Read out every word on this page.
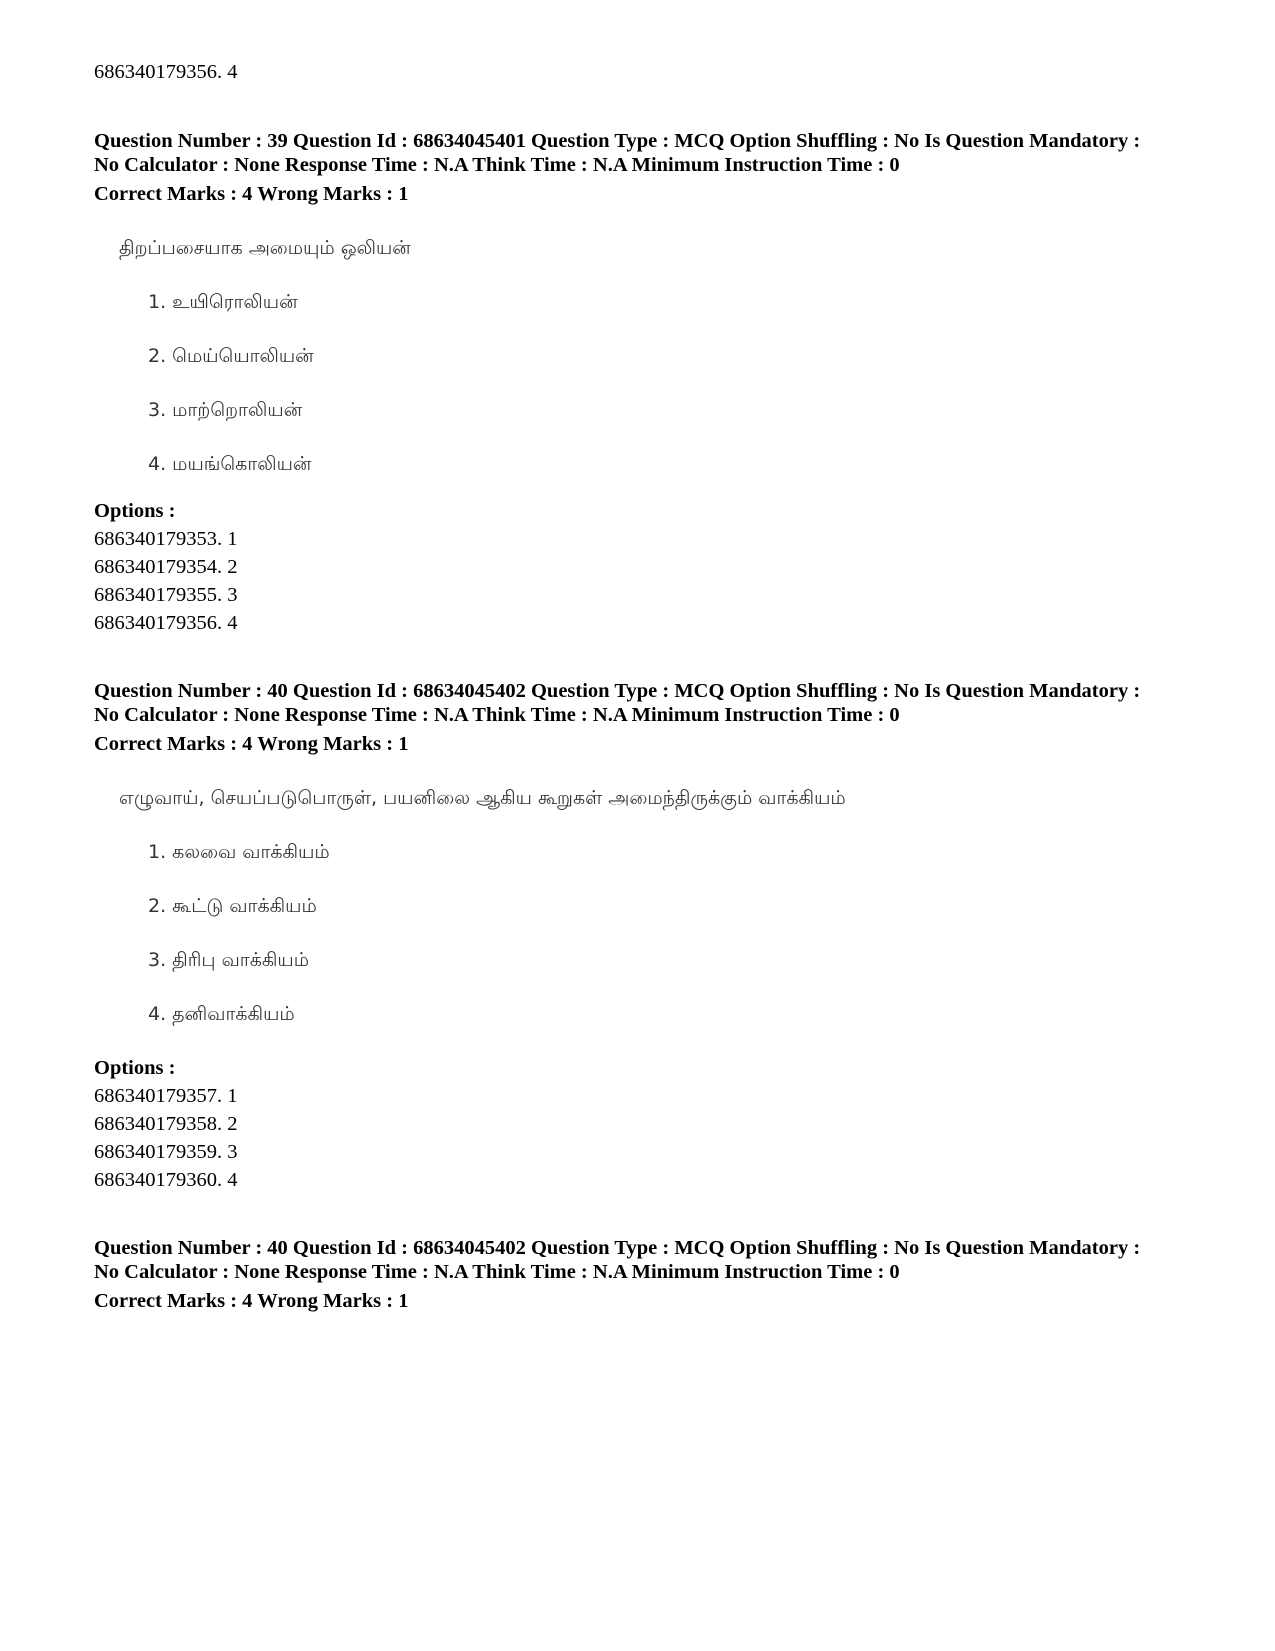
686340179356. 4
Question Number : 39 Question Id : 68634045401 Question Type : MCQ Option Shuffling : No Is Question Mandatory :
No Calculator : None Response Time : N.A Think Time : N.A Minimum Instruction Time : 0
Correct Marks : 4 Wrong Marks : 1
திறப்பசையாக அமையும் ஒலியன்
1. உயிரொலியன்
2. மெய்யொலியன்
3. மாற்றொலியன்
4. மயங்கொலியன்
Options :
686340179353. 1
686340179354. 2
686340179355. 3
686340179356. 4
Question Number : 40 Question Id : 68634045402 Question Type : MCQ Option Shuffling : No Is Question Mandatory :
No Calculator : None Response Time : N.A Think Time : N.A Minimum Instruction Time : 0
Correct Marks : 4 Wrong Marks : 1
எழுவாய், செயப்படுபொருள், பயனிலை ஆகிய கூறுகள் அமைந்திருக்கும் வாக்கியம்
1. கலவை வாக்கியம்
2. கூட்டு வாக்கியம்
3. திரிபு வாக்கியம்
4. தனிவாக்கியம்
Options :
686340179357. 1
686340179358. 2
686340179359. 3
686340179360. 4
Question Number : 40 Question Id : 68634045402 Question Type : MCQ Option Shuffling : No Is Question Mandatory :
No Calculator : None Response Time : N.A Think Time : N.A Minimum Instruction Time : 0
Correct Marks : 4 Wrong Marks : 1
